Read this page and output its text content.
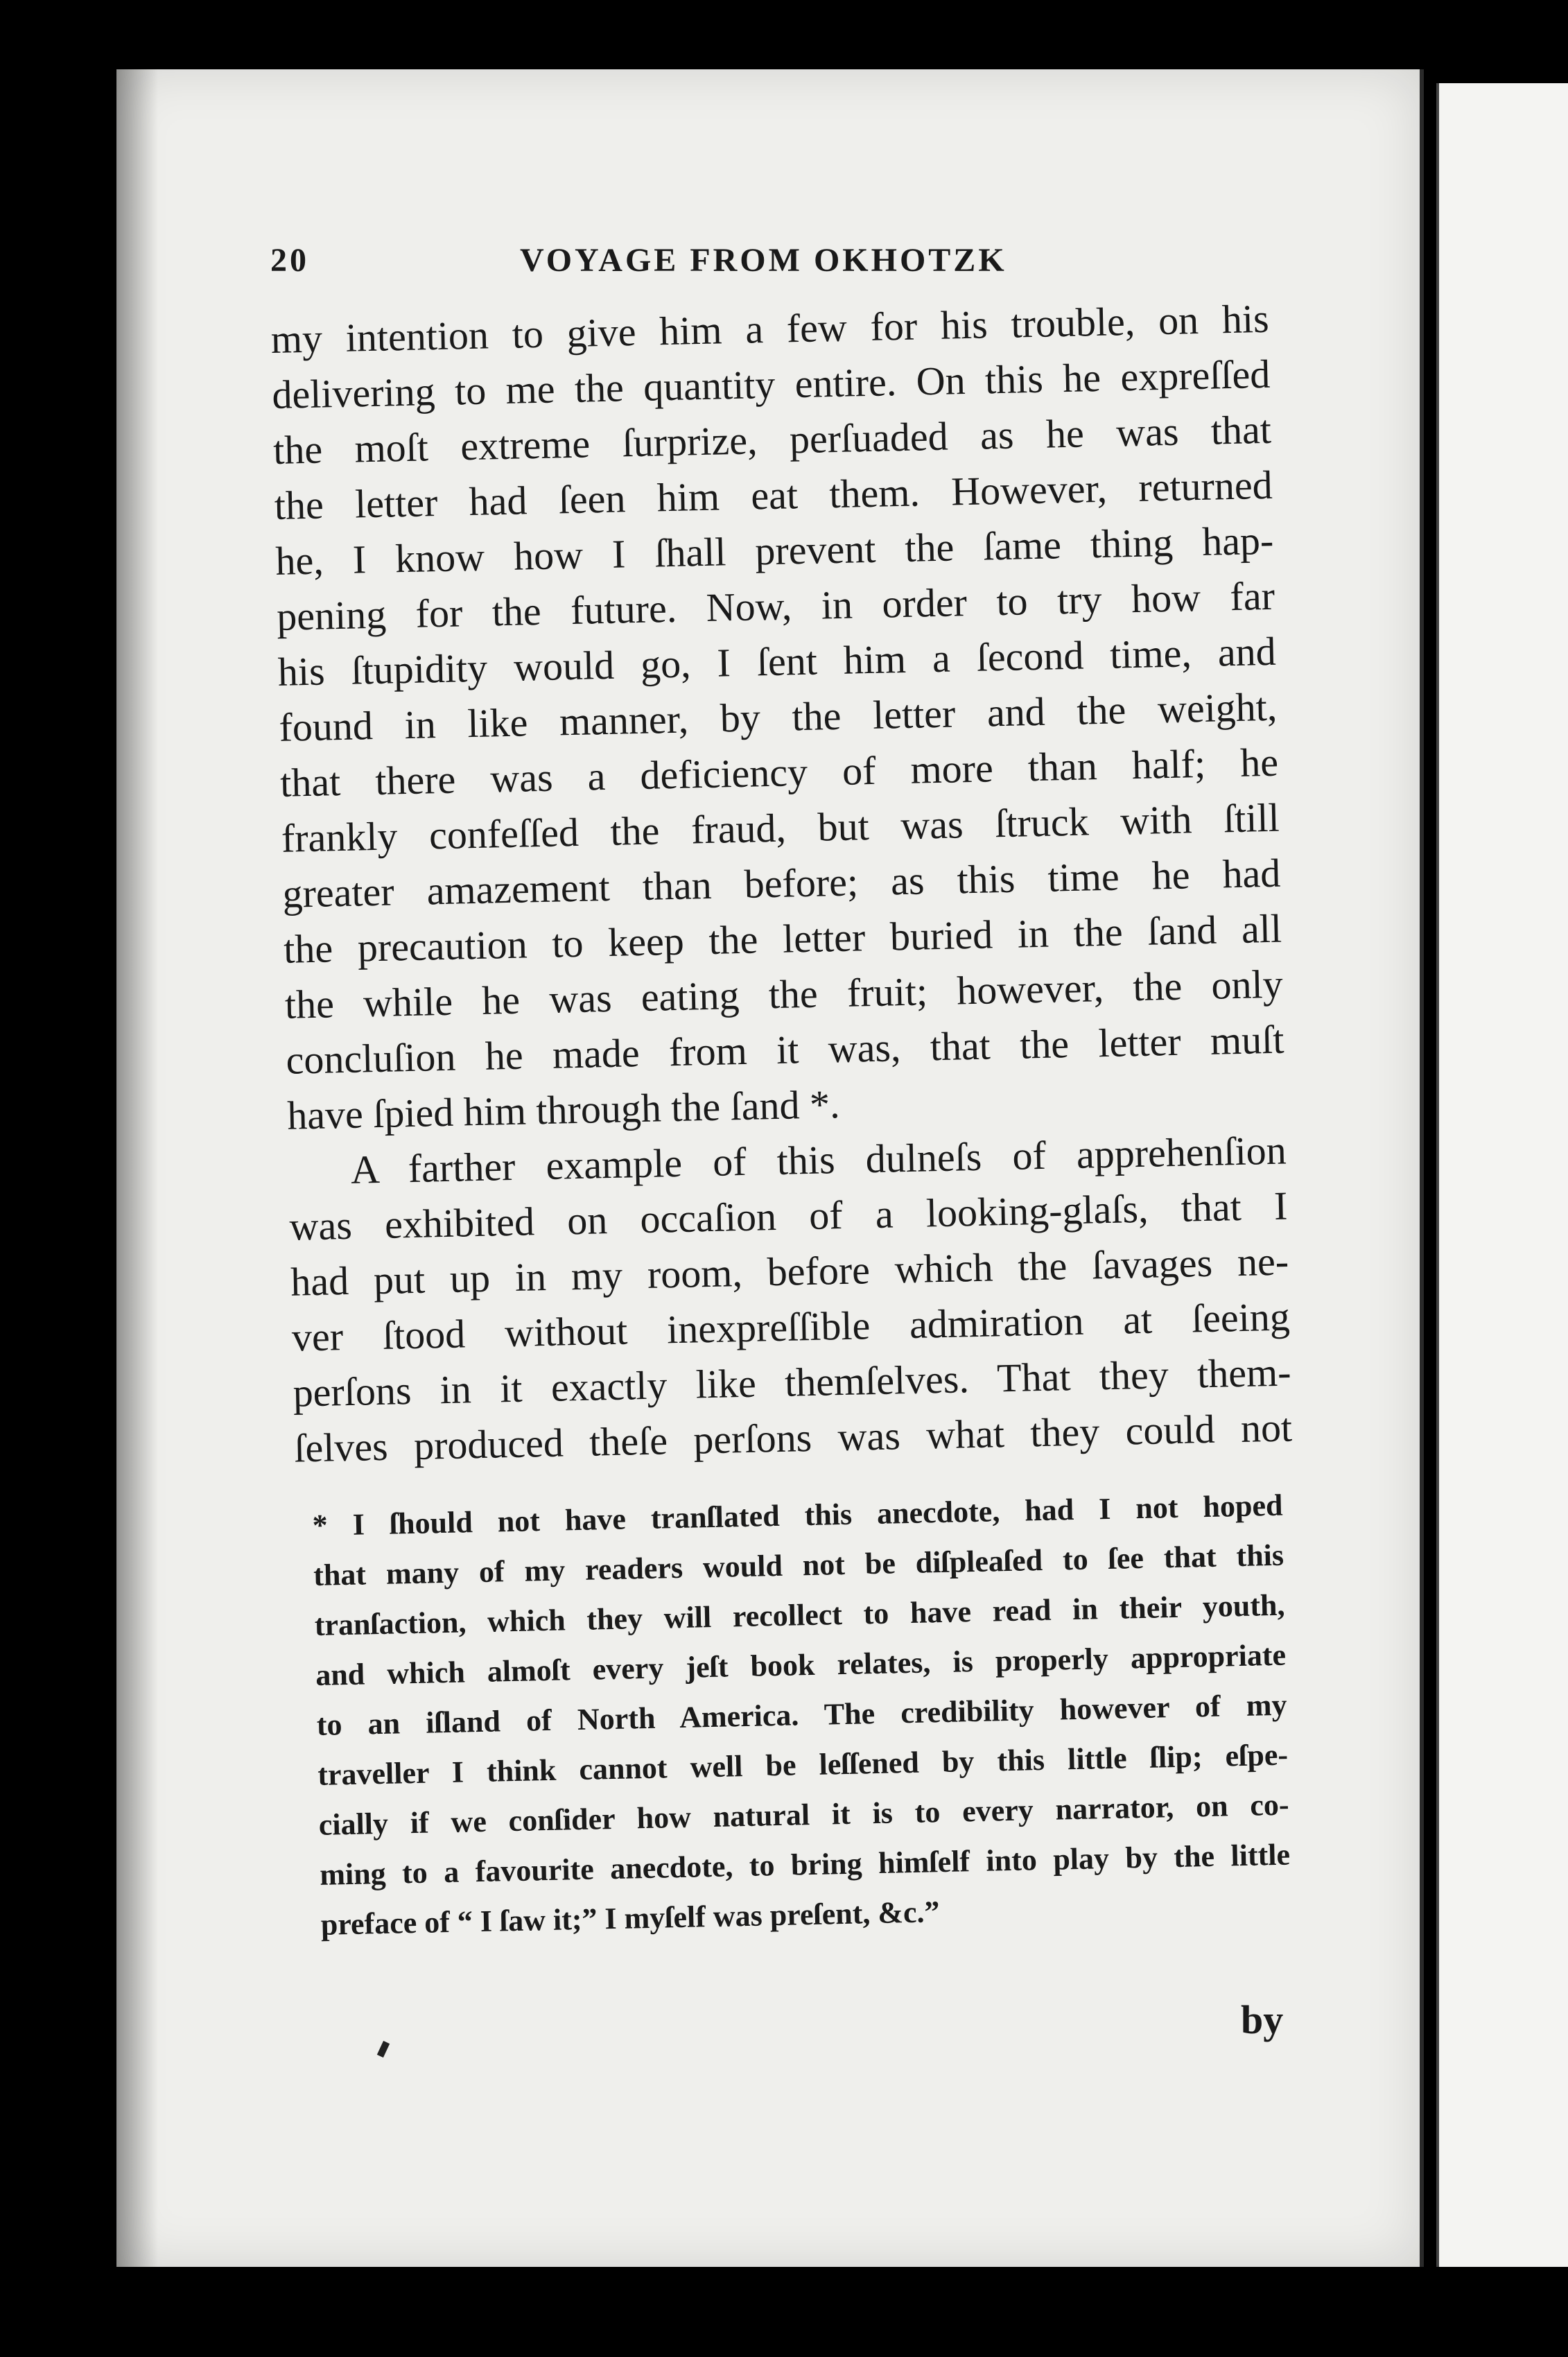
20	VOYAGE FROM OKHOTZK
my intention to give him a few for his trouble, on his
delivering to me the quantity entire. On this he expreſſed
the moſt extreme ſurprize, perſuaded as he was that
the letter had ſeen him eat them. However, returned
he, I know how I ſhall prevent the ſame thing hap-
pening for the future. Now, in order to try how far
his ſtupidity would go, I ſent him a ſecond time, and
found in like manner, by the letter and the weight,
that there was a deficiency of more than half; he
frankly confeſſed the fraud, but was ſtruck with ſtill
greater amazement than before; as this time he had
the precaution to keep the letter buried in the ſand all
the while he was eating the fruit; however, the only
concluſion he made from it was, that the letter muſt
have ſpied him through the ſand *.
A farther example of this dulneſs of apprehenſion
was exhibited on occaſion of a looking-glaſs, that I
had put up in my room, before which the ſavages ne-
ver ſtood without inexpreſſible admiration at ſeeing
perſons in it exactly like themſelves. That they them-
ſelves produced theſe perſons was what they could not
* I ſhould not have tranſlated this anecdote, had I not hoped
that many of my readers would not be diſpleaſed to ſee that this
tranſaction, which they will recollect to have read in their youth,
and which almoſt every jeſt book relates, is properly appropriate
to an iſland of North America. The credibility however of my
traveller I think cannot well be leſſened by this little ſlip; eſpe-
cially if we conſider how natural it is to every narrator, on co-
ming to a favourite anecdote, to bring himſelf into play by the little
preface of “ I ſaw it;” I myſelf was preſent, &c.”
by
